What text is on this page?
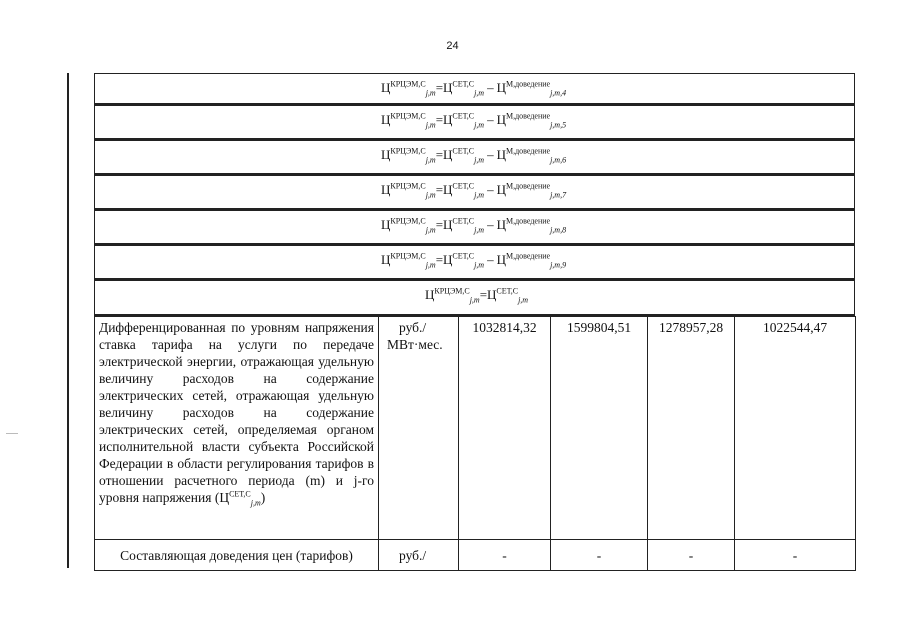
24
$Ц^{КРЦЭМ,С}_{j,m}=Ц^{СЕТ,С}_{j,m} - Ц^{М,доведение}_{j,m,4}$
$Ц^{КРЦЭМ,С}_{j,m}=Ц^{СЕТ,С}_{j,m} - Ц^{М,доведение}_{j,m,5}$
$Ц^{КРЦЭМ,С}_{j,m}=Ц^{СЕТ,С}_{j,m} - Ц^{М,доведение}_{j,m,6}$
$Ц^{КРЦЭМ,С}_{j,m}=Ц^{СЕТ,С}_{j,m} - Ц^{М,доведение}_{j,m,7}$
$Ц^{КРЦЭМ,С}_{j,m}=Ц^{СЕТ,С}_{j,m} - Ц^{М,доведение}_{j,m,8}$
$Ц^{КРЦЭМ,С}_{j,m}=Ц^{СЕТ,С}_{j,m} - Ц^{М,доведение}_{j,m,9}$
$Ц^{КРЦЭМ,С}_{j,m}=Ц^{СЕТ,С}_{j,m}$
Дифференцированная по уровням напряжения ставка тарифа на услуги по передаче электрической энергии, отражающая удельную величину расходов на содержание электрических сетей, отражающая удельную величину расходов на содержание электрических сетей, определяемая органом исполнительной власти субъекта Российской Федерации в области регулирования тарифов в отношении расчетного периода (m) и j-го уровня напряжения $(Ц^{СЕТ,С}_{j,m})$	руб./
МВт·мес.	1032814,32	1599804,51	1278957,28	1022544,47
Составляющая доведения цен (тарифов)	руб./	-	-	-	-
